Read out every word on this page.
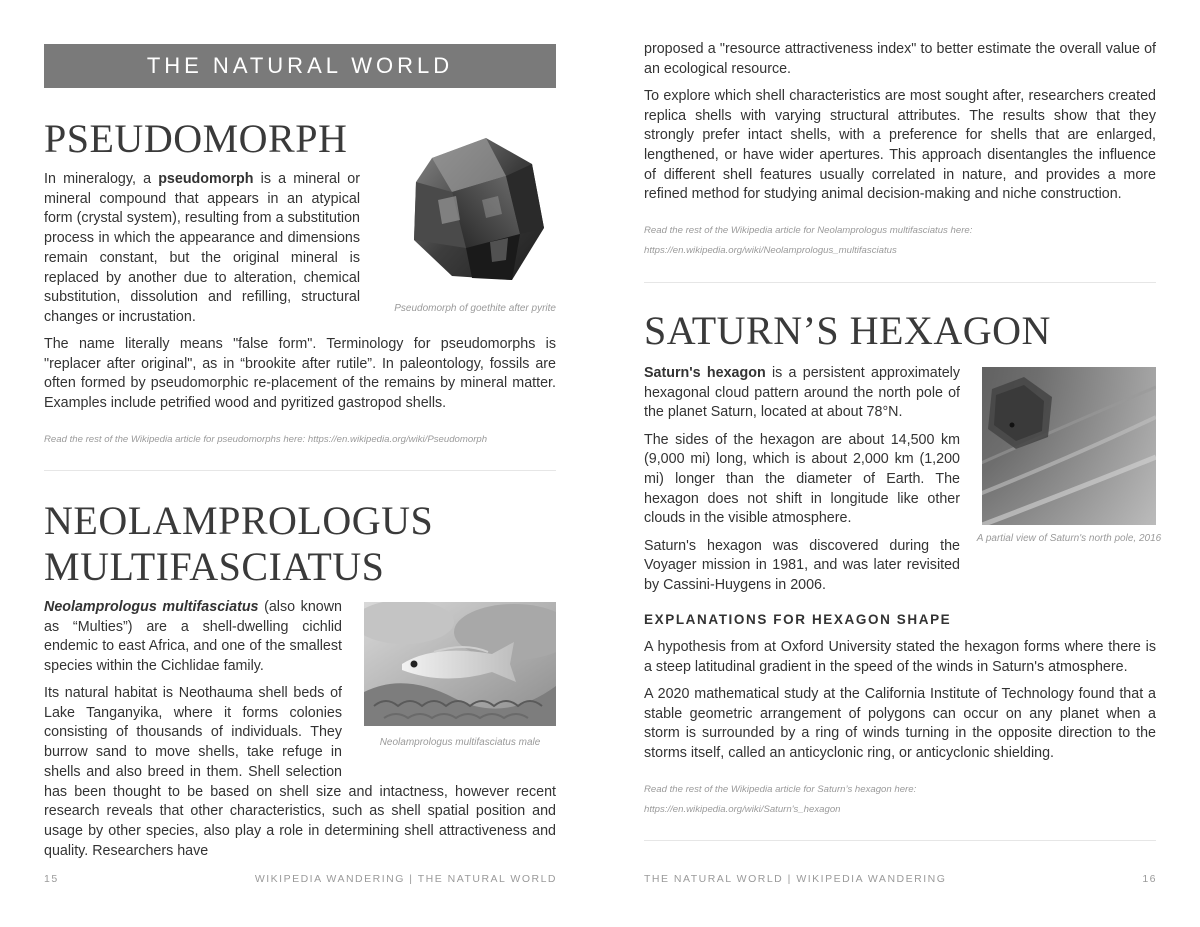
THE NATURAL WORLD
PSEUDOMORPH
Pseudomorph of goethite after pyrite

In mineralogy, a pseudomorph is a mineral or mineral compound that appears in an atypical form (crystal system), resulting from a substitution process in which the appearance and dimensions remain constant, but the original mineral is replaced by another due to alteration, chemical substitution, dissolution and refilling, structural changes or incrustation.

The name literally means "false form". Terminology for pseudomorphs is "replacer after original", as in “brookite after rutile”. In paleontology, fossils are often formed by pseudomorphic re-placement of the remains by mineral matter. Examples include petrified wood and pyritized gastropod shells.
Read the rest of the Wikipedia article for pseudomorphs here: https://en.wikipedia.org/wiki/Pseudomorph
NEOLAMPROLOGUS
MULTIFASCIATUS
Neolamprologus multifasciatus male

Neolamprologus multifasciatus (also known as “Multies”) are a shell-dwelling cichlid endemic to east Africa, and one of the smallest species within the Cichlidae family.

Its natural habitat is Neothauma shell beds of Lake Tanganyika, where it forms colonies consisting of thousands of individuals. They burrow sand to move shells, take refuge in shells and also breed in them. Shell selection has been thought to be based on shell size and intactness, however recent research reveals that other characteristics, such as shell spatial position and usage by other species, also play a role in determining shell attractiveness and quality. Researchers have
15	WIKIPEDIA WANDERING | THE NATURAL WORLD

proposed a "resource attractiveness index" to better estimate the overall value of an ecological resource.

To explore which shell characteristics are most sought after, researchers created replica shells with varying structural attributes. The results show that they strongly prefer intact shells, with a preference for shells that are enlarged, lengthened, or have wider apertures. This approach disentangles the influence of different shell features usually correlated in nature, and provides a more refined method for studying animal decision-making and niche construction.

Read the rest of the Wikipedia article for Neolamprologus multifasciatus here:
https://en.wikipedia.org/wiki/Neolamprologus_multifasciatus
SATURN’S HEXAGON
A partial view of Saturn's north pole, 2016

Saturn's hexagon is a persistent approximately hexagonal cloud pattern around the north pole of the planet Saturn, located at about 78°N.

The sides of the hexagon are about 14,500 km (9,000 mi) long, which is about 2,000 km (1,200 mi) longer than the diameter of Earth. The hexagon does not shift in longitude like other clouds in the visible atmosphere.

Saturn's hexagon was discovered during the Voyager mission in 1981, and was later revisited by Cassini-Huygens in 2006.

EXPLANATIONS FOR HEXAGON SHAPE

A hypothesis from at Oxford University stated the hexagon forms where there is a steep latitudinal gradient in the speed of the winds in Saturn's atmosphere.

A 2020 mathematical study at the California Institute of Technology found that a stable geometric arrangement of polygons can occur on any planet when a storm is surrounded by a ring of winds turning in the opposite direction to the storms itself, called an anticyclonic ring, or anticyclonic shielding.

Read the rest of the Wikipedia article for Saturn’s hexagon here:
https://en.wikipedia.org/wiki/Saturn's_hexagon
THE NATURAL WORLD | WIKIPEDIA WANDERING	16
